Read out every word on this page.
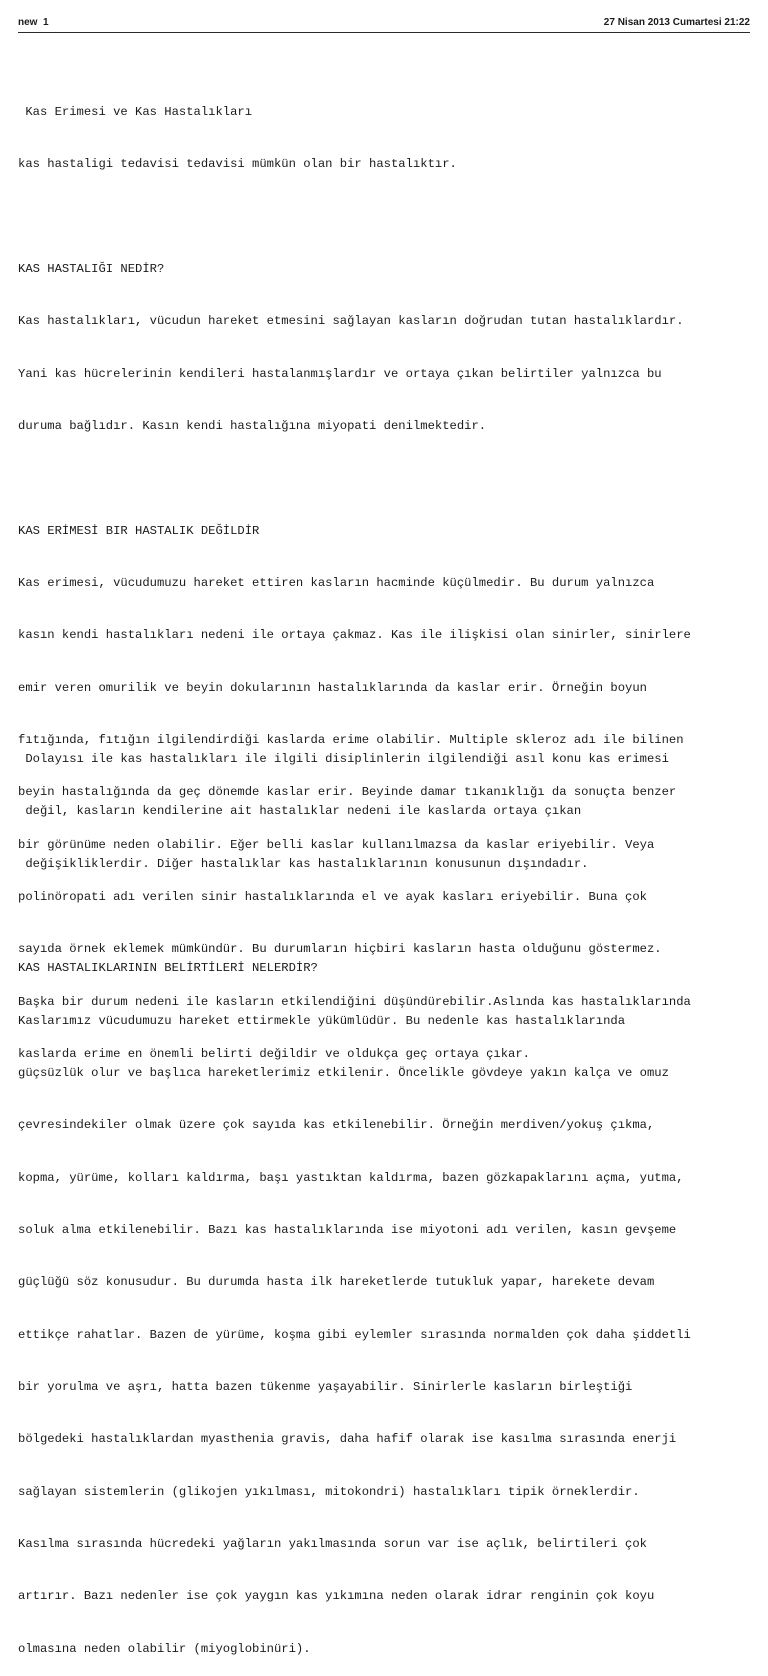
new  1	27 Nisan 2013 Cumartesi 21:22

Kas Erimesi ve Kas Hastalıkları

kas hastaligi tedavisi tedavisi mümkün olan bir hastalıktır.

KAS HASTALIĞI NEDİR?

Kas hastalıkları, vücudun hareket etmesini sağlayan kasların doğrudan tutan hastalıklardır.

Yani kas hücrelerinin kendileri hastalanmışlardır ve ortaya çıkan belirtiler yalnızca bu

duruma bağlıdır. Kasın kendi hastalığına miyopati denilmektedir.

KAS ERİMESİ BIR HASTALIK DEĞİLDİR

Kas erimesi, vücudumuzu hareket ettiren kasların hacminde küçülmedir. Bu durum yalnızca

kasın kendi hastalıkları nedeni ile ortaya çakmaz. Kas ile ilişkisi olan sinirler, sinirlere

emir veren omurilik ve beyin dokularının hastalıklarında da kaslar erir. Örneğin boyun

fıtığında, fıtığın ilgilendirdiği kaslarda erime olabilir. Multiple skleroz adı ile bilinen

beyin hastalığında da geç dönemde kaslar erir. Beyinde damar tıkanıklığı da sonuçta benzer

bir görünüme neden olabilir. Eğer belli kaslar kullanılmazsa da kaslar eriyebilir. Veya

polinöropati adı verilen sinir hastalıklarında el ve ayak kasları eriyebilir. Buna çok

sayıda örnek eklemek mümkündür. Bu durumların hiçbiri kasların hasta olduğunu göstermez.

Başka bir durum nedeni ile kasların etkilendiğini düşündürebilir.Aslında kas hastalıklarında

kaslarda erime en önemli belirti değildir ve oldukça geç ortaya çıkar.

Dolayısı ile kas hastalıkları ile ilgili disiplinlerin ilgilendiği asıl konu kas erimesi

değil, kasların kendilerine ait hastalıklar nedeni ile kaslarda ortaya çıkan

değişikliklerdir. Diğer hastalıklar kas hastalıklarının konusunun dışındadır.

KAS HASTALIKLARININ BELİRTİLERİ NELERDİR?

Kaslarımız vücudumuzu hareket ettirmekle yükümlüdür. Bu nedenle kas hastalıklarında

güçsüzlük olur ve başlıca hareketlerimiz etkilenir. Öncelikle gövdeye yakın kalça ve omuz

çevresindekiler olmak üzere çok sayıda kas etkilenebilir. Örneğin merdiven/yokuş çıkma,

kopma, yürüme, kolları kaldırma, başı yastıktan kaldırma, bazen gözkapaklarını açma, yutma,

soluk alma etkilenebilir. Bazı kas hastalıklarında ise miyotoni adı verilen, kasın gevşeme

güçlüğü söz konusudur. Bu durumda hasta ilk hareketlerde tutukluk yapar, harekete devam

ettikçe rahatlar. Bazen de yürüme, koşma gibi eylemler sırasında normalden çok daha şiddetli

bir yorulma ve aşrı, hatta bazen tükenme yaşayabilir. Sinirlerle kasların birleştiği

bölgedeki hastalıklardan myasthenia gravis, daha hafif olarak ise kasılma sırasında enerji

sağlayan sistemlerin (glikojen yıkılması, mitokondri) hastalıkları tipik örneklerdir.

Kasılma sırasında hücredeki yağların yakılmasında sorun var ise açlık, belirtileri çok

artırır. Bazı nedenler ise çok yaygın kas yıkımına neden olarak idrar renginin çok koyu

olmasına neden olabilir (miyoglobinüri).
